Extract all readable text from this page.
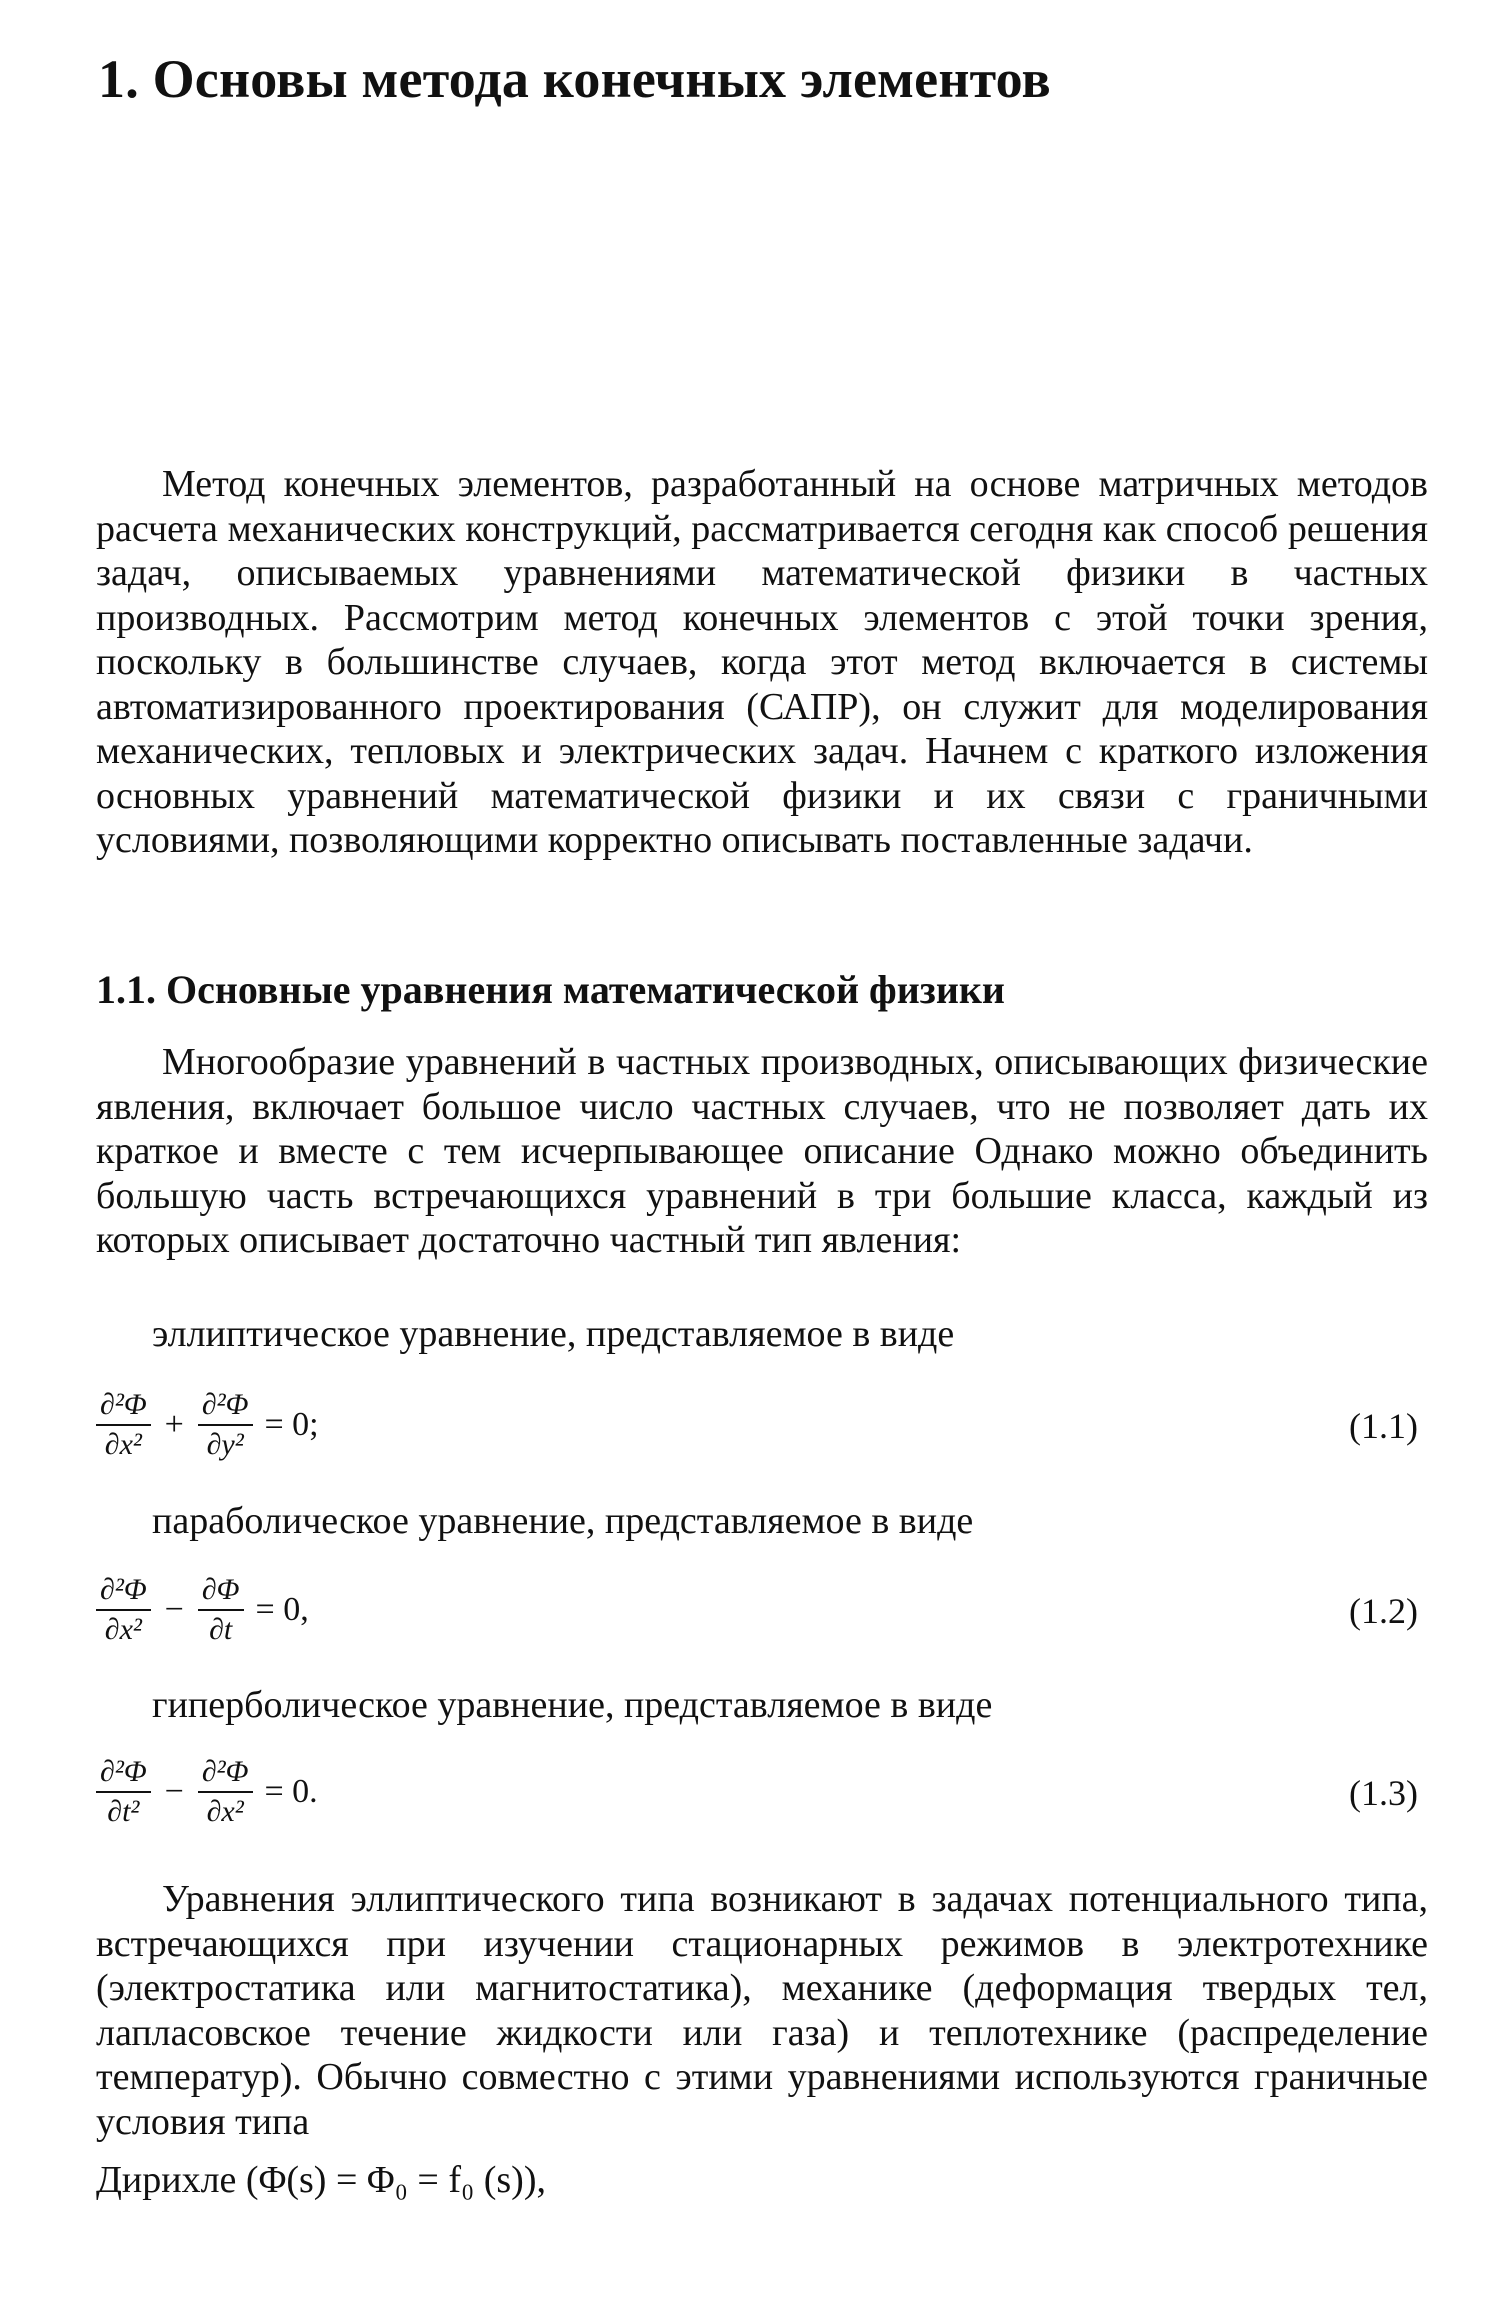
1. Основы метода конечных элементов

Метод конечных элементов, разработанный на основе матричных методов расчета механических конструкций, рассматривается сегодня как способ решения задач, описываемых уравнениями математической физики в частных производных. Рассмотрим метод конечных элементов с этой точки зрения, поскольку в большинстве случаев, когда этот метод включается в системы автоматизированного проектирования (САПР), он служит для моделирования механических, тепловых и электрических задач. Начнем с краткого изложения основных уравнений математической физики и их связи с граничными условиями, позволяющими корректно описывать поставленные задачи.

1.1. Основные уравнения математической физики

Многообразие уравнений в частных производных, описывающих физические явления, включает большое число частных случаев, что не позволяет дать их краткое и вместе с тем исчерпывающее описание Однако можно объединить большую часть встречающихся уравнений в три большие класса, каждый из которых описывает достаточно частный тип явления:

эллиптическое уравнение, представляемое в виде

$\frac{\text{∂²Φ}}{\text{∂x²}} + \frac{\text{∂²Φ}}{\text{∂y²}} = 0$;	(1.1)

параболическое уравнение, представляемое в виде

$\frac{\text{∂²Φ}}{\text{∂x²}} - \frac{\partial\Phi}{\partial t} = 0$,	(1.2)

гиперболическое уравнение, представляемое в виде

$\frac{\text{∂²Φ}}{\text{∂t²}} - \frac{\text{∂²Φ}}{\text{∂x²}} = 0$.	(1.3)

Уравнения эллиптического типа возникают в задачах потенциального типа, встречающихся при изучении стационарных режимов в электротехнике (электростатика или магнитостатика), механике (деформация твердых тел, лапласовское течение жидкости или газа) и теплотехнике (распределение температур). Обычно совместно с этими уравнениями используются граничные условия типа

Дирихле (Φ(s) = Φ₀ = f₀ (s)),
